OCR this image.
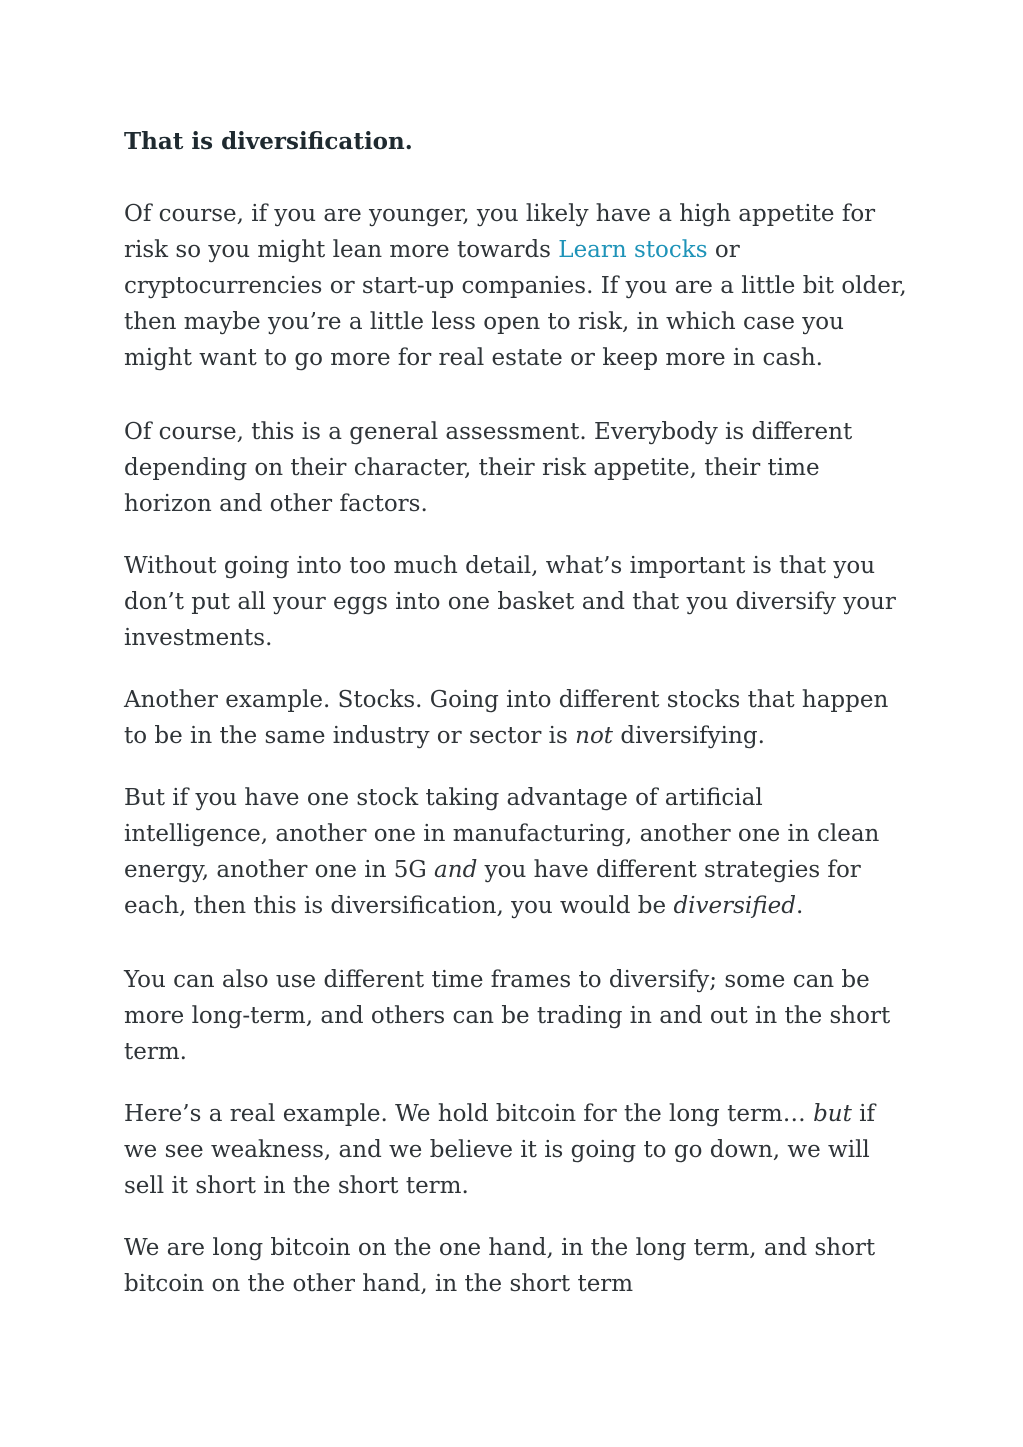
That is diversification.

Of course, if you are younger, you likely have a high appetite for risk so you might lean more towards Learn stocks or cryptocurrencies or start-up companies. If you are a little bit older, then maybe you’re a little less open to risk, in which case you might want to go more for real estate or keep more in cash.

Of course, this is a general assessment. Everybody is different depending on their character, their risk appetite, their time horizon and other factors.

Without going into too much detail, what’s important is that you don’t put all your eggs into one basket and that you diversify your investments.

Another example. Stocks. Going into different stocks that happen to be in the same industry or sector is not diversifying.

But if you have one stock taking advantage of artificial intelligence, another one in manufacturing, another one in clean energy, another one in 5G and you have different strategies for each, then this is diversification, you would be diversified.

You can also use different time frames to diversify; some can be more long-term, and others can be trading in and out in the short term.

Here’s a real example. We hold bitcoin for the long term… but if we see weakness, and we believe it is going to go down, we will sell it short in the short term.

We are long bitcoin on the one hand, in the long term, and short bitcoin on the other hand, in the short term
